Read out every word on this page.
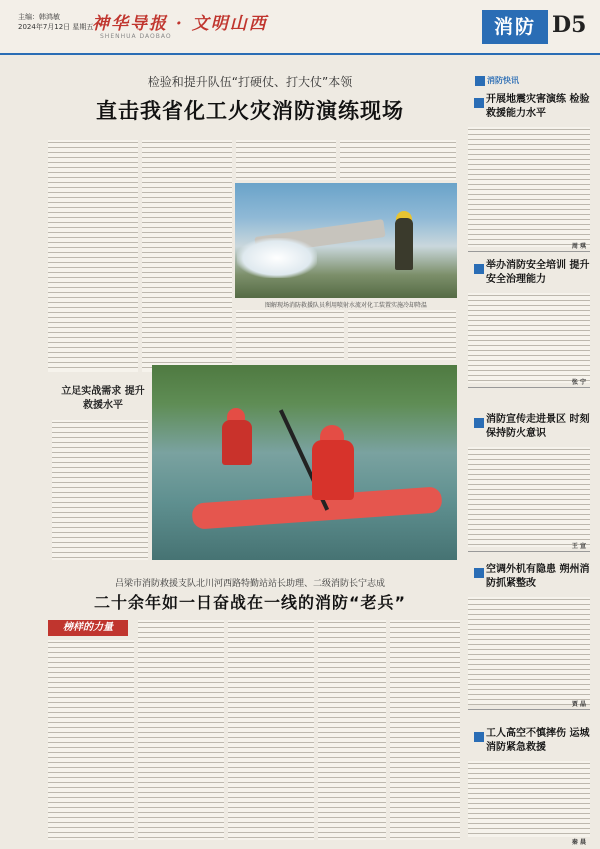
主编：韩鸿敏
2024年7月12日 星期五
神华导报 · 文明山西
SHENHUA DAOBAO	消防 D5
检验和提升队伍“打硬仗、打大仗”本领
直击我省化工火灾消防演练现场
图解现场消防救援队员利用喷射水流对化工装置实施冷却降温
立足实战需求 提升救援水平
吕梁市消防救援支队北川河西路特勤站站长助理、二级消防长宁志成
二十余年如一日奋战在一线的消防“老兵”
榜样的力量
消防快讯
开展地震灾害演练 检验救援能力水平
周 琪
举办消防安全培训 提升安全治理能力
张 宁
消防宣传走进景区 时刻保持防火意识
王 宣
空调外机有隐患 朔州消防抓紧整改
贾 晶
工人高空不慎摔伤 运城消防紧急救援
秦 晨
